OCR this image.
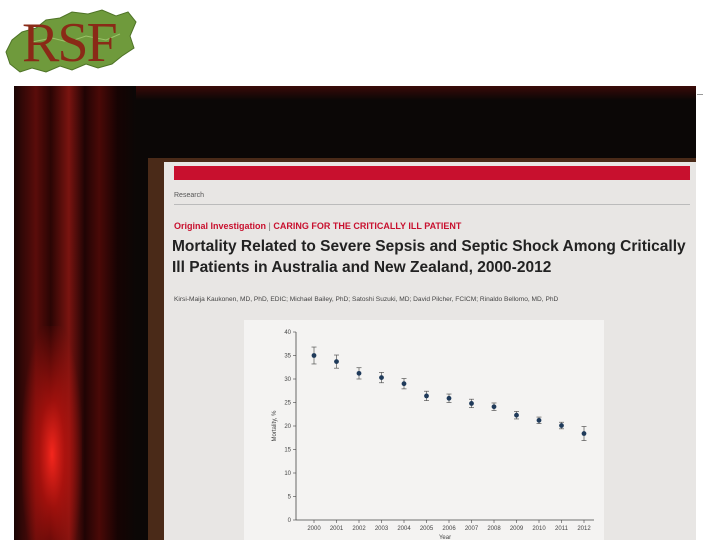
RSF
Research
Original Investigation | CARING FOR THE CRITICALLY ILL PATIENT
Mortality Related to Severe Sepsis and Septic Shock Among Critically Ill Patients in Australia and New Zealand, 2000-2012
Kirsi-Maija Kaukonen, MD, PhD, EDIC; Michael Bailey, PhD; Satoshi Suzuki, MD; David Pilcher, FCICM; Rinaldo Bellomo, MD, PhD
0
5
10
15
20
25
30
35
40
2000 2001 2002 2003 2004 2005 2006 2007 2008 2009 2010 2011 2012
Mortality, %
Year
